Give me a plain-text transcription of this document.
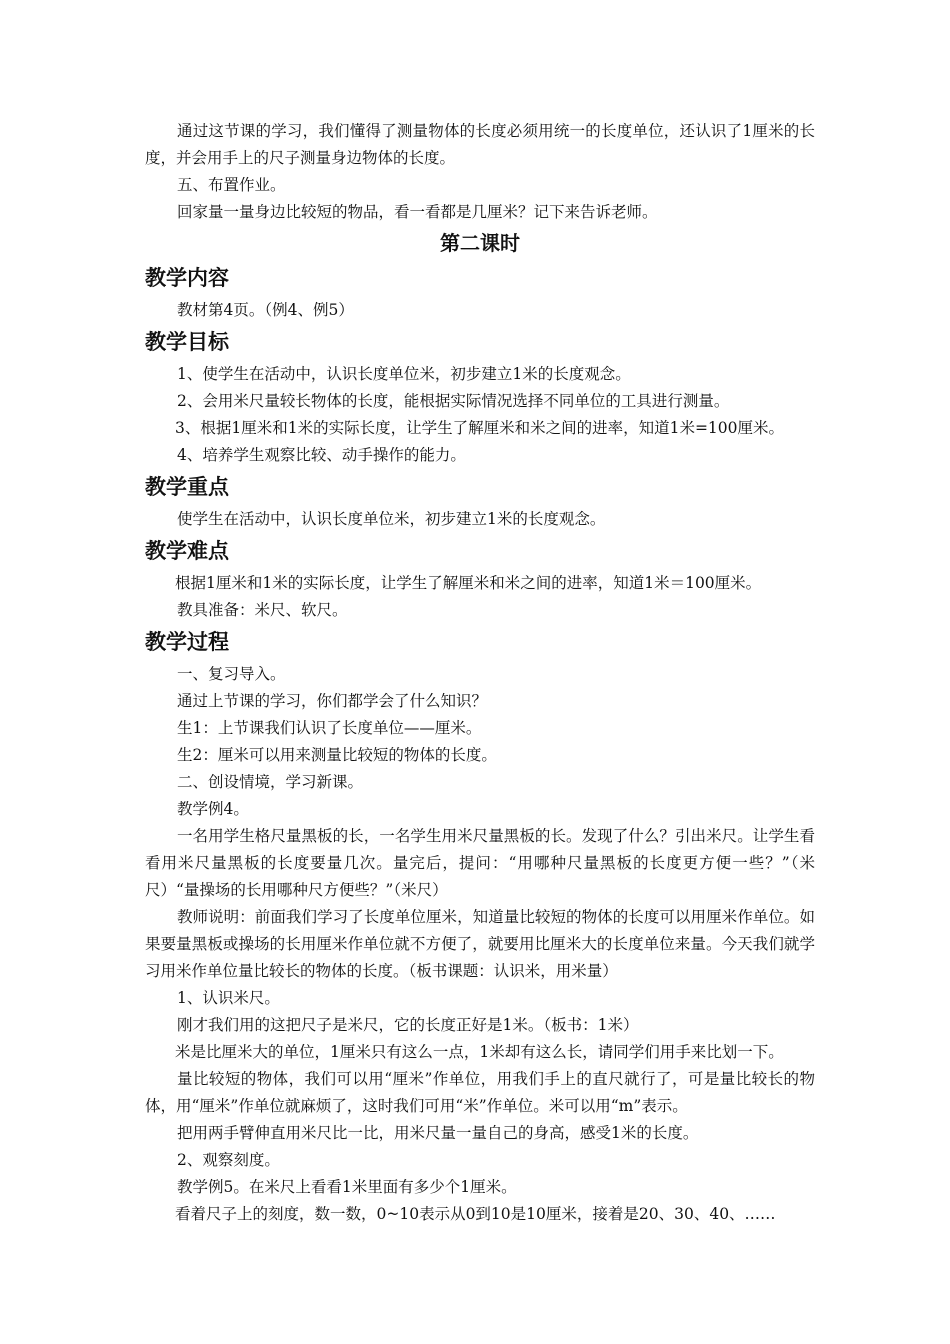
通过这节课的学习，我们懂得了测量物体的长度必须用统一的长度单位，还认识了1厘米的长度，并会用手上的尺子测量身边物体的长度。

五、布置作业。

回家量一量身边比较短的物品，看一看都是几厘米？记下来告诉老师。

第二课时
教学内容

教材第4页。（例4、例5）

教学目标

1、使学生在活动中，认识长度单位米，初步建立1米的长度观念。

2、会用米尺量较长物体的长度，能根据实际情况选择不同单位的工具进行测量。

3、根据1厘米和1米的实际长度，让学生了解厘米和米之间的进率，知道1米=100厘米。

4、培养学生观察比较、动手操作的能力。

教学重点

使学生在活动中，认识长度单位米，初步建立1米的长度观念。

教学难点

根据1厘米和1米的实际长度，让学生了解厘米和米之间的进率，知道1米＝100厘米。

教具准备：米尺、软尺。

教学过程

一、复习导入。

通过上节课的学习，你们都学会了什么知识？

生1：上节课我们认识了长度单位——厘米。

生2：厘米可以用来测量比较短的物体的长度。

二、创设情境，学习新课。

教学例4。

一名用学生格尺量黑板的长，一名学生用米尺量黑板的长。发现了什么？引出米尺。让学生看看用米尺量黑板的长度要量几次。量完后，提问：“用哪种尺量黑板的长度更方便一些？”（米尺）“量操场的长用哪种尺方便些？”（米尺）

教师说明：前面我们学习了长度单位厘米，知道量比较短的物体的长度可以用厘米作单位。如果要量黑板或操场的长用厘米作单位就不方便了，就要用比厘米大的长度单位来量。今天我们就学习用米作单位量比较长的物体的长度。（板书课题：认识米，用米量）

1、认识米尺。

刚才我们用的这把尺子是米尺，它的长度正好是1米。（板书：1米）

米是比厘米大的单位，1厘米只有这么一点，1米却有这么长，请同学们用手来比划一下。

量比较短的物体，我们可以用“厘米”作单位，用我们手上的直尺就行了，可是量比较长的物体，用“厘米”作单位就麻烦了，这时我们可用“米”作单位。米可以用“m”表示。

把用两手臂伸直用米尺比一比，用米尺量一量自己的身高，感受1米的长度。

2、观察刻度。

教学例5。在米尺上看看1米里面有多少个1厘米。

看着尺子上的刻度，数一数，0~10表示从0到10是10厘米，接着是20、30、40、……
